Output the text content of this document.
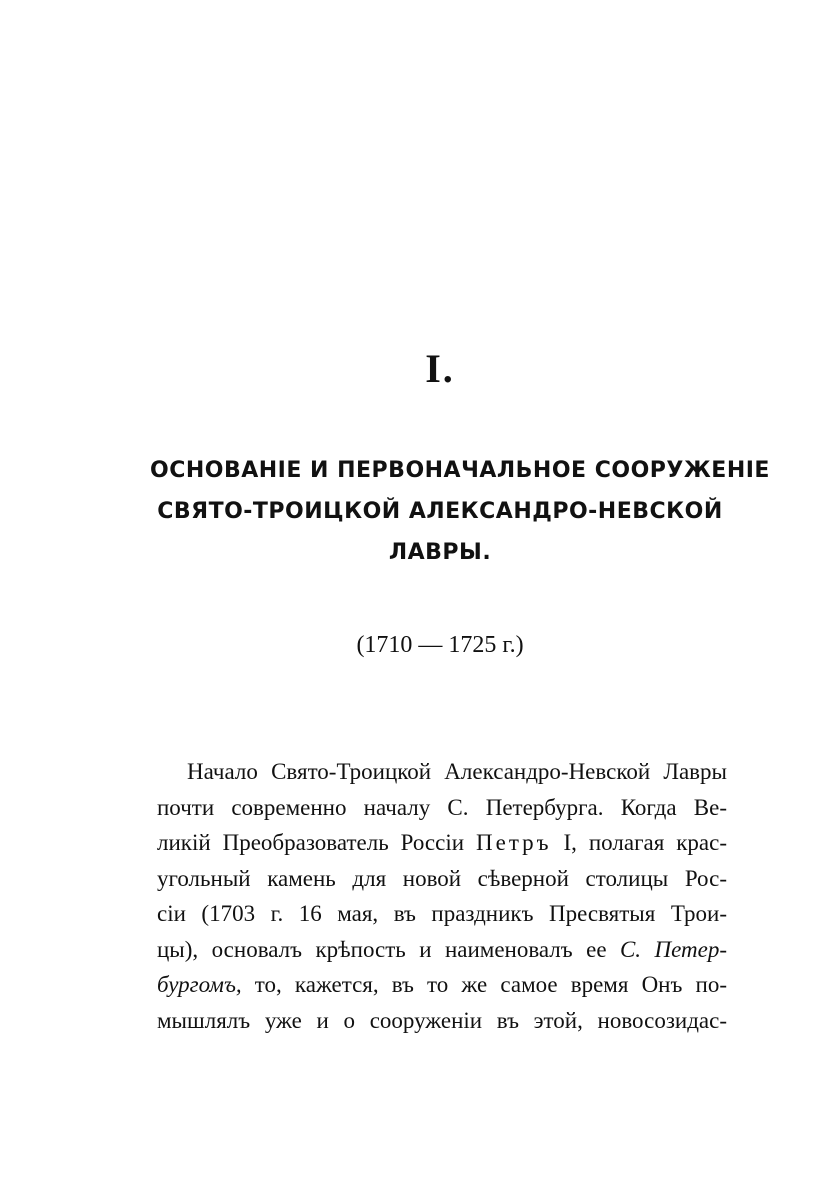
I.
ОСНОВАНІЕ И ПЕРВОНАЧАЛЬНОЕ СООРУЖЕНІЕ
СВЯТО-ТРОИЦКОЙ АЛЕКСАНДРО-НЕВСКОЙ
ЛАВРЫ.
(1710 — 1725 г.)
Начало Свято-Троицкой Александро-Невской Лавры
почти современно началу С. Петербурга. Когда Ве-
ликій Преобразователь Россіи Петръ I, полагая крас-
угольный камень для новой сѣверной столицы Рос-
сіи (1703 г. 16 мая, въ праздникъ Пресвятыя Трои-
цы), основалъ крѣпость и наименовалъ ее С. Петер-
бургомъ, то, кажется, въ то же самое время Онъ по-
мышлялъ уже и о сооруженіи въ этой, новосозидас-
